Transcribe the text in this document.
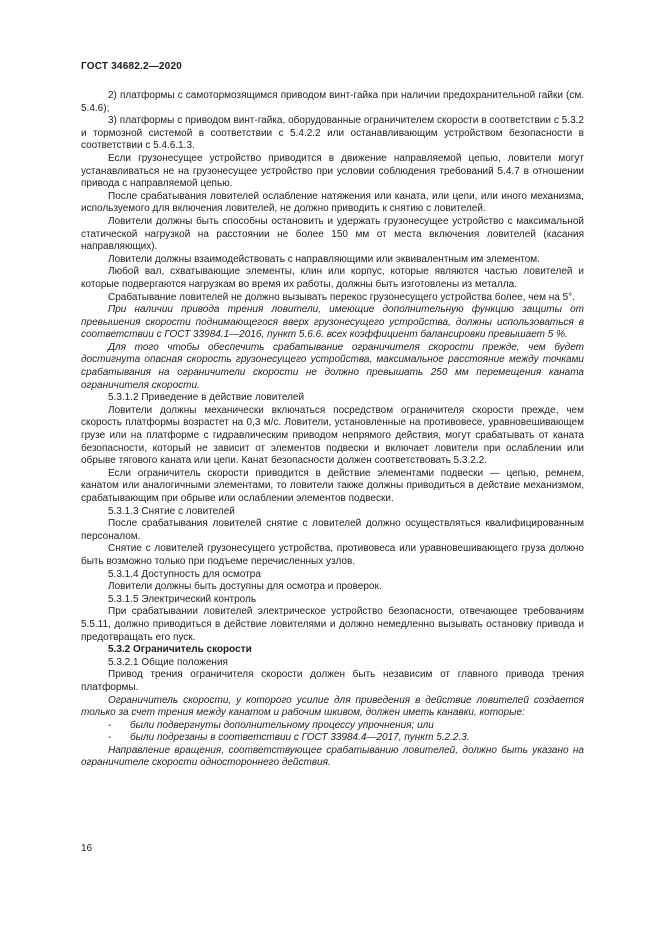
ГОСТ 34682.2—2020

2) платформы с самотормозящимся приводом винт-гайка при наличии предохранительной гайки (см. 5.4.6);

3) платформы с приводом винт-гайка, оборудованные ограничителем скорости в соответствии с 5.3.2 и тормозной системой в соответствии с 5.4.2.2 или останавливающим устройством безопасности в соответствии с 5.4.6.1.3.

Если грузонесущее устройство приводится в движение направляемой цепью, ловители могут устанавливаться не на грузонесущее устройство при условии соблюдения требований 5.4.7 в отношении привода с направляемой цепью.

После срабатывания ловителей ослабление натяжения или каната, или цепи, или иного механизма, используемого для включения ловителей, не должно приводить к снятию с ловителей.

Ловители должны быть способны остановить и удержать грузонесущее устройство с максимальной статической нагрузкой на расстоянии не более 150 мм от места включения ловителей (касания направляющих).

Ловители должны взаимодействовать с направляющими или эквивалентным им элементом.

Любой вал, схватывающие элементы, клин или корпус, которые являются частью ловителей и которые подвергаются нагрузкам во время их работы, должны быть изготовлены из металла.

Срабатывание ловителей не должно вызывать перекос грузонесущего устройства более, чем на 5°.

При наличии привода трения ловители, имеющие дополнительную функцию защиты от превышения скорости поднимающегося вверх грузонесущего устройства, должны использоваться в соответствии с ГОСТ 33984.1—2016, пункт 5.6.6. всех коэффициент балансировки превышает 5 %.

Для того чтобы обеспечить срабатывание ограничителя скорости прежде, чем будет достигнута опасная скорость грузонесущего устройства, максимальное расстояние между точками срабатывания на ограничители скорости не должно превышать 250 мм перемещения каната ограничителя скорости.

5.3.1.2 Приведение в действие ловителей

Ловители должны механически включаться посредством ограничителя скорости прежде, чем скорость платформы возрастет на 0,3 м/с. Ловители, установленные на противовесе, уравновешивающем грузе или на платформе с гидравлическим приводом непрямого действия, могут срабатывать от каната безопасности, который не зависит от элементов подвески и включает ловители при ослаблении или обрыве тягового каната или цепи. Канат безопасности должен соответствовать 5.3.2.2.

Если ограничитель скорости приводится в действие элементами подвески — цепью, ремнем, канатом или аналогичными элементами, то ловители также должны приводиться в действие механизмом, срабатывающим при обрыве или ослаблении элементов подвески.

5.3.1.3 Снятие с ловителей

После срабатывания ловителей снятие с ловителей должно осуществляться квалифицированным персоналом.

Снятие с ловителей грузонесущего устройства, противовеса или уравновешивающего груза должно быть возможно только при подъеме перечисленных узлов.

5.3.1.4 Доступность для осмотра

Ловители должны быть доступны для осмотра и проверок.

5.3.1.5 Электрический контроль

При срабатывании ловителей электрическое устройство безопасности, отвечающее требованиям 5.5.11, должно приводиться в действие ловителями и должно немедленно вызывать остановку привода и предотвращать его пуск.

5.3.2 Ограничитель скорости

5.3.2.1 Общие положения

Привод трения ограничителя скорости должен быть независим от главного привода трения платформы.

Ограничитель скорости, у которого усилие для приведения в действие ловителей создается только за счет трения между канатом и рабочим шкивом, должен иметь канавки, которые:

- были подвергнуты дополнительному процессу упрочнения; или

- были подрезаны в соответствии с ГОСТ 33984.4—2017, пункт 5.2.2.3.

Направление вращения, соответствующее срабатыванию ловителей, должно быть указано на ограничителе скорости одностороннего действия.

16
